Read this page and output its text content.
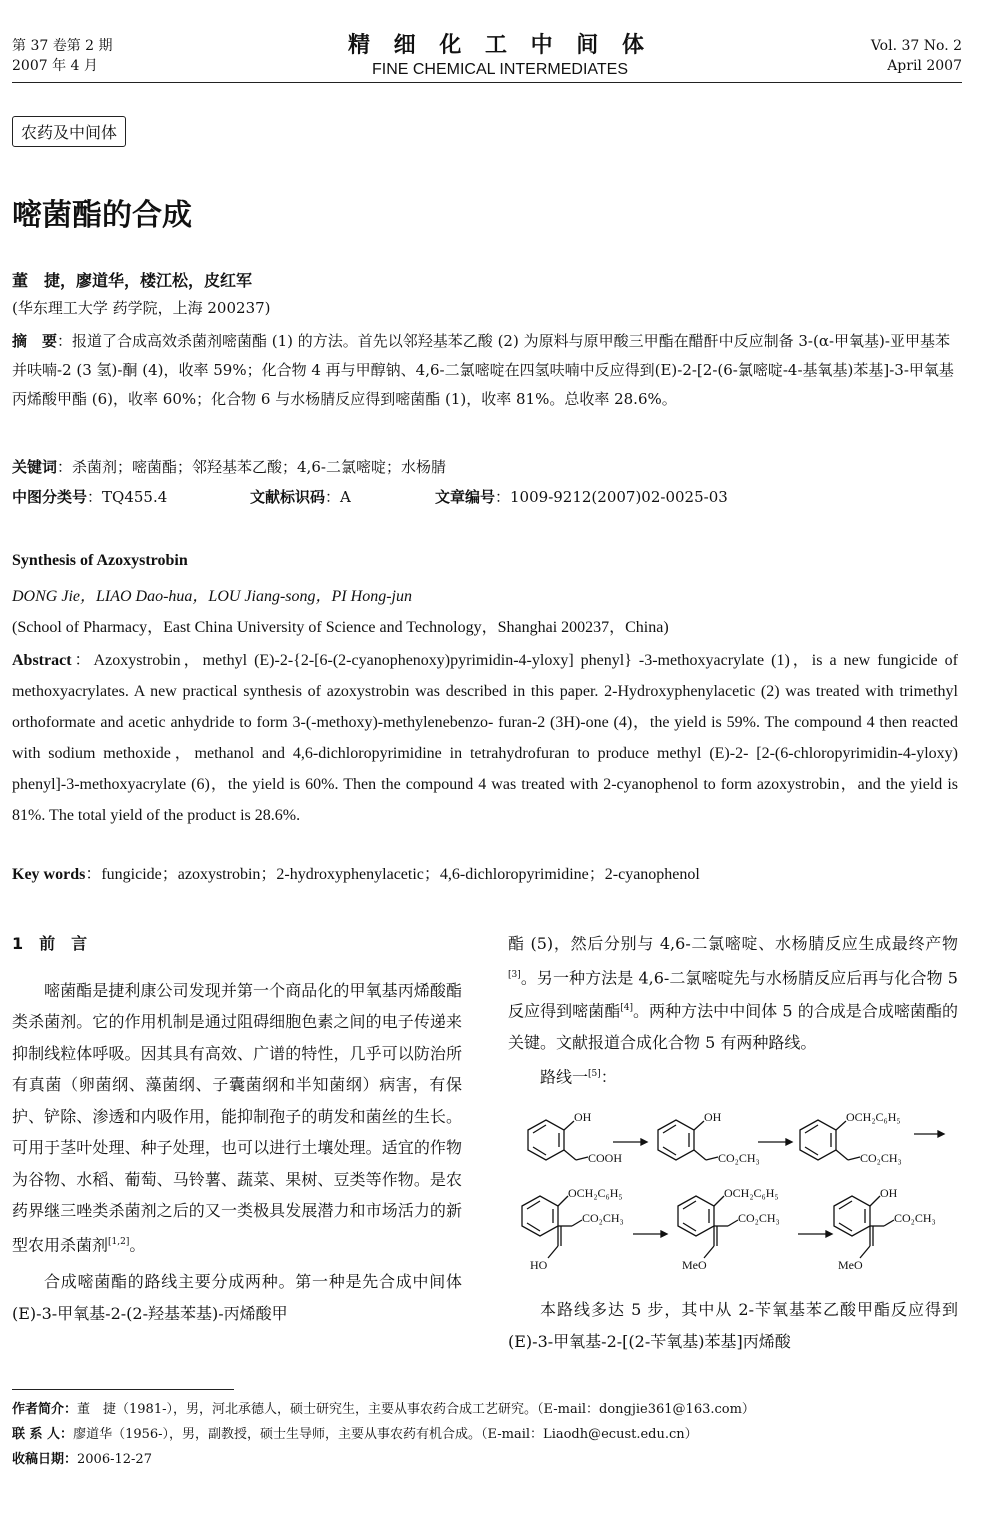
第 37 卷第 2 期
2007 年 4 月
精 细 化 工 中 间 体
FINE CHEMICAL INTERMEDIATES
Vol. 37 No. 2
April 2007
农药及中间体
嘧菌酯的合成
董　捷，廖道华，楼江松，皮红军
(华东理工大学 药学院，上海 200237)
摘　要：报道了合成高效杀菌剂嘧菌酯 (1) 的方法。首先以邻羟基苯乙酸 (2) 为原料与原甲酸三甲酯在醋酐中反应制备 3-(α-甲氧基)-亚甲基苯并呋喃-2 (3 氢)-酮 (4)，收率 59%；化合物 4 再与甲醇钠、4,6-二氯嘧啶在四氢呋喃中反应得到(E)-2-[2-(6-氯嘧啶-4-基氧基)苯基]-3-甲氧基丙烯酸甲酯 (6)，收率 60%；化合物 6 与水杨腈反应得到嘧菌酯 (1)，收率 81%。总收率 28.6%。
关键词：杀菌剂；嘧菌酯；邻羟基苯乙酸；4,6-二氯嘧啶；水杨腈
中图分类号：TQ455.4	文献标识码：A	文章编号：1009-9212(2007)02-0025-03
Synthesis of Azoxystrobin
DONG Jie，LIAO Dao-hua，LOU Jiang-song，PI Hong-jun
(School of Pharmacy，East China University of Science and Technology，Shanghai 200237，China)
Abstract：Azoxystrobin，methyl (E)-2-{2-[6-(2-cyanophenoxy)pyrimidin-4-yloxy] phenyl} -3-methoxyacrylate (1)，is a new fungicide of methoxyacrylates. A new practical synthesis of azoxystrobin was described in this paper. 2-Hydroxyphenylacetic (2) was treated with trimethyl orthoformate and acetic anhydride to form 3-(-methoxy)-methylenebenzo- furan-2 (3H)-one (4)，the yield is 59%. The compound 4 then reacted with sodium methoxide，methanol and 4,6-dichloropyrimidine in tetrahydrofuran to produce methyl (E)-2- [2-(6-chloropyrimidin-4-yloxy) phenyl]-3-methoxyacrylate (6)，the yield is 60%. Then the compound 4 was treated with 2-cyanophenol to form azoxystrobin，and the yield is 81%. The total yield of the product is 28.6%.
Key words：fungicide；azoxystrobin；2-hydroxyphenylacetic；4,6-dichloropyrimidine；2-cyanophenol

1　前　言

嘧菌酯是捷利康公司发现并第一个商品化的甲氧基丙烯酸酯类杀菌剂。它的作用机制是通过阻碍细胞色素之间的电子传递来抑制线粒体呼吸。因其具有高效、广谱的特性，几乎可以防治所有真菌（卵菌纲、藻菌纲、子囊菌纲和半知菌纲）病害，有保护、铲除、渗透和内吸作用，能抑制孢子的萌发和菌丝的生长。可用于茎叶处理、种子处理，也可以进行土壤处理。适宜的作物为谷物、水稻、葡萄、马铃薯、蔬菜、果树、豆类等作物。是农药界继三唑类杀菌剂之后的又一类极具发展潜力和市场活力的新型农用杀菌剂[1,2]。

合成嘧菌酯的路线主要分成两种。第一种是先合成中间体 (E)-3-甲氧基-2-(2-羟基苯基)-丙烯酸甲

酯 (5)，然后分别与 4,6-二氯嘧啶、水杨腈反应生成最终产物[3]。另一种方法是 4,6-二氯嘧啶先与水杨腈反应后再与化合物 5 反应得到嘧菌酯[4]。两种方法中中间体 5 的合成是合成嘧菌酯的关键。文献报道合成化合物 5 有两种路线。

路线一[5]：

OH
COOH
OH
CO₂CH₃
OCH₂C₆H₅
CO₂CH₃
OCH₂C₆H₅
CO₂CH₃
HO
OCH₂C₆H₅
CO₂CH₃
MeO
OH
CO₂CH₃
MeO

本路线多达 5 步，其中从 2-苄氧基苯乙酸甲酯反应得到(E)-3-甲氧基-2-[(2-苄氧基)苯基]丙烯酸

作者简介：董　捷（1981-），男，河北承德人，硕士研究生，主要从事农药合成工艺研究。（E-mail：dongjie361@163.com）
联 系 人：廖道华（1956-），男，副教授，硕士生导师，主要从事农药有机合成。（E-mail：Liaodh@ecust.edu.cn）
收稿日期：2006-12-27
